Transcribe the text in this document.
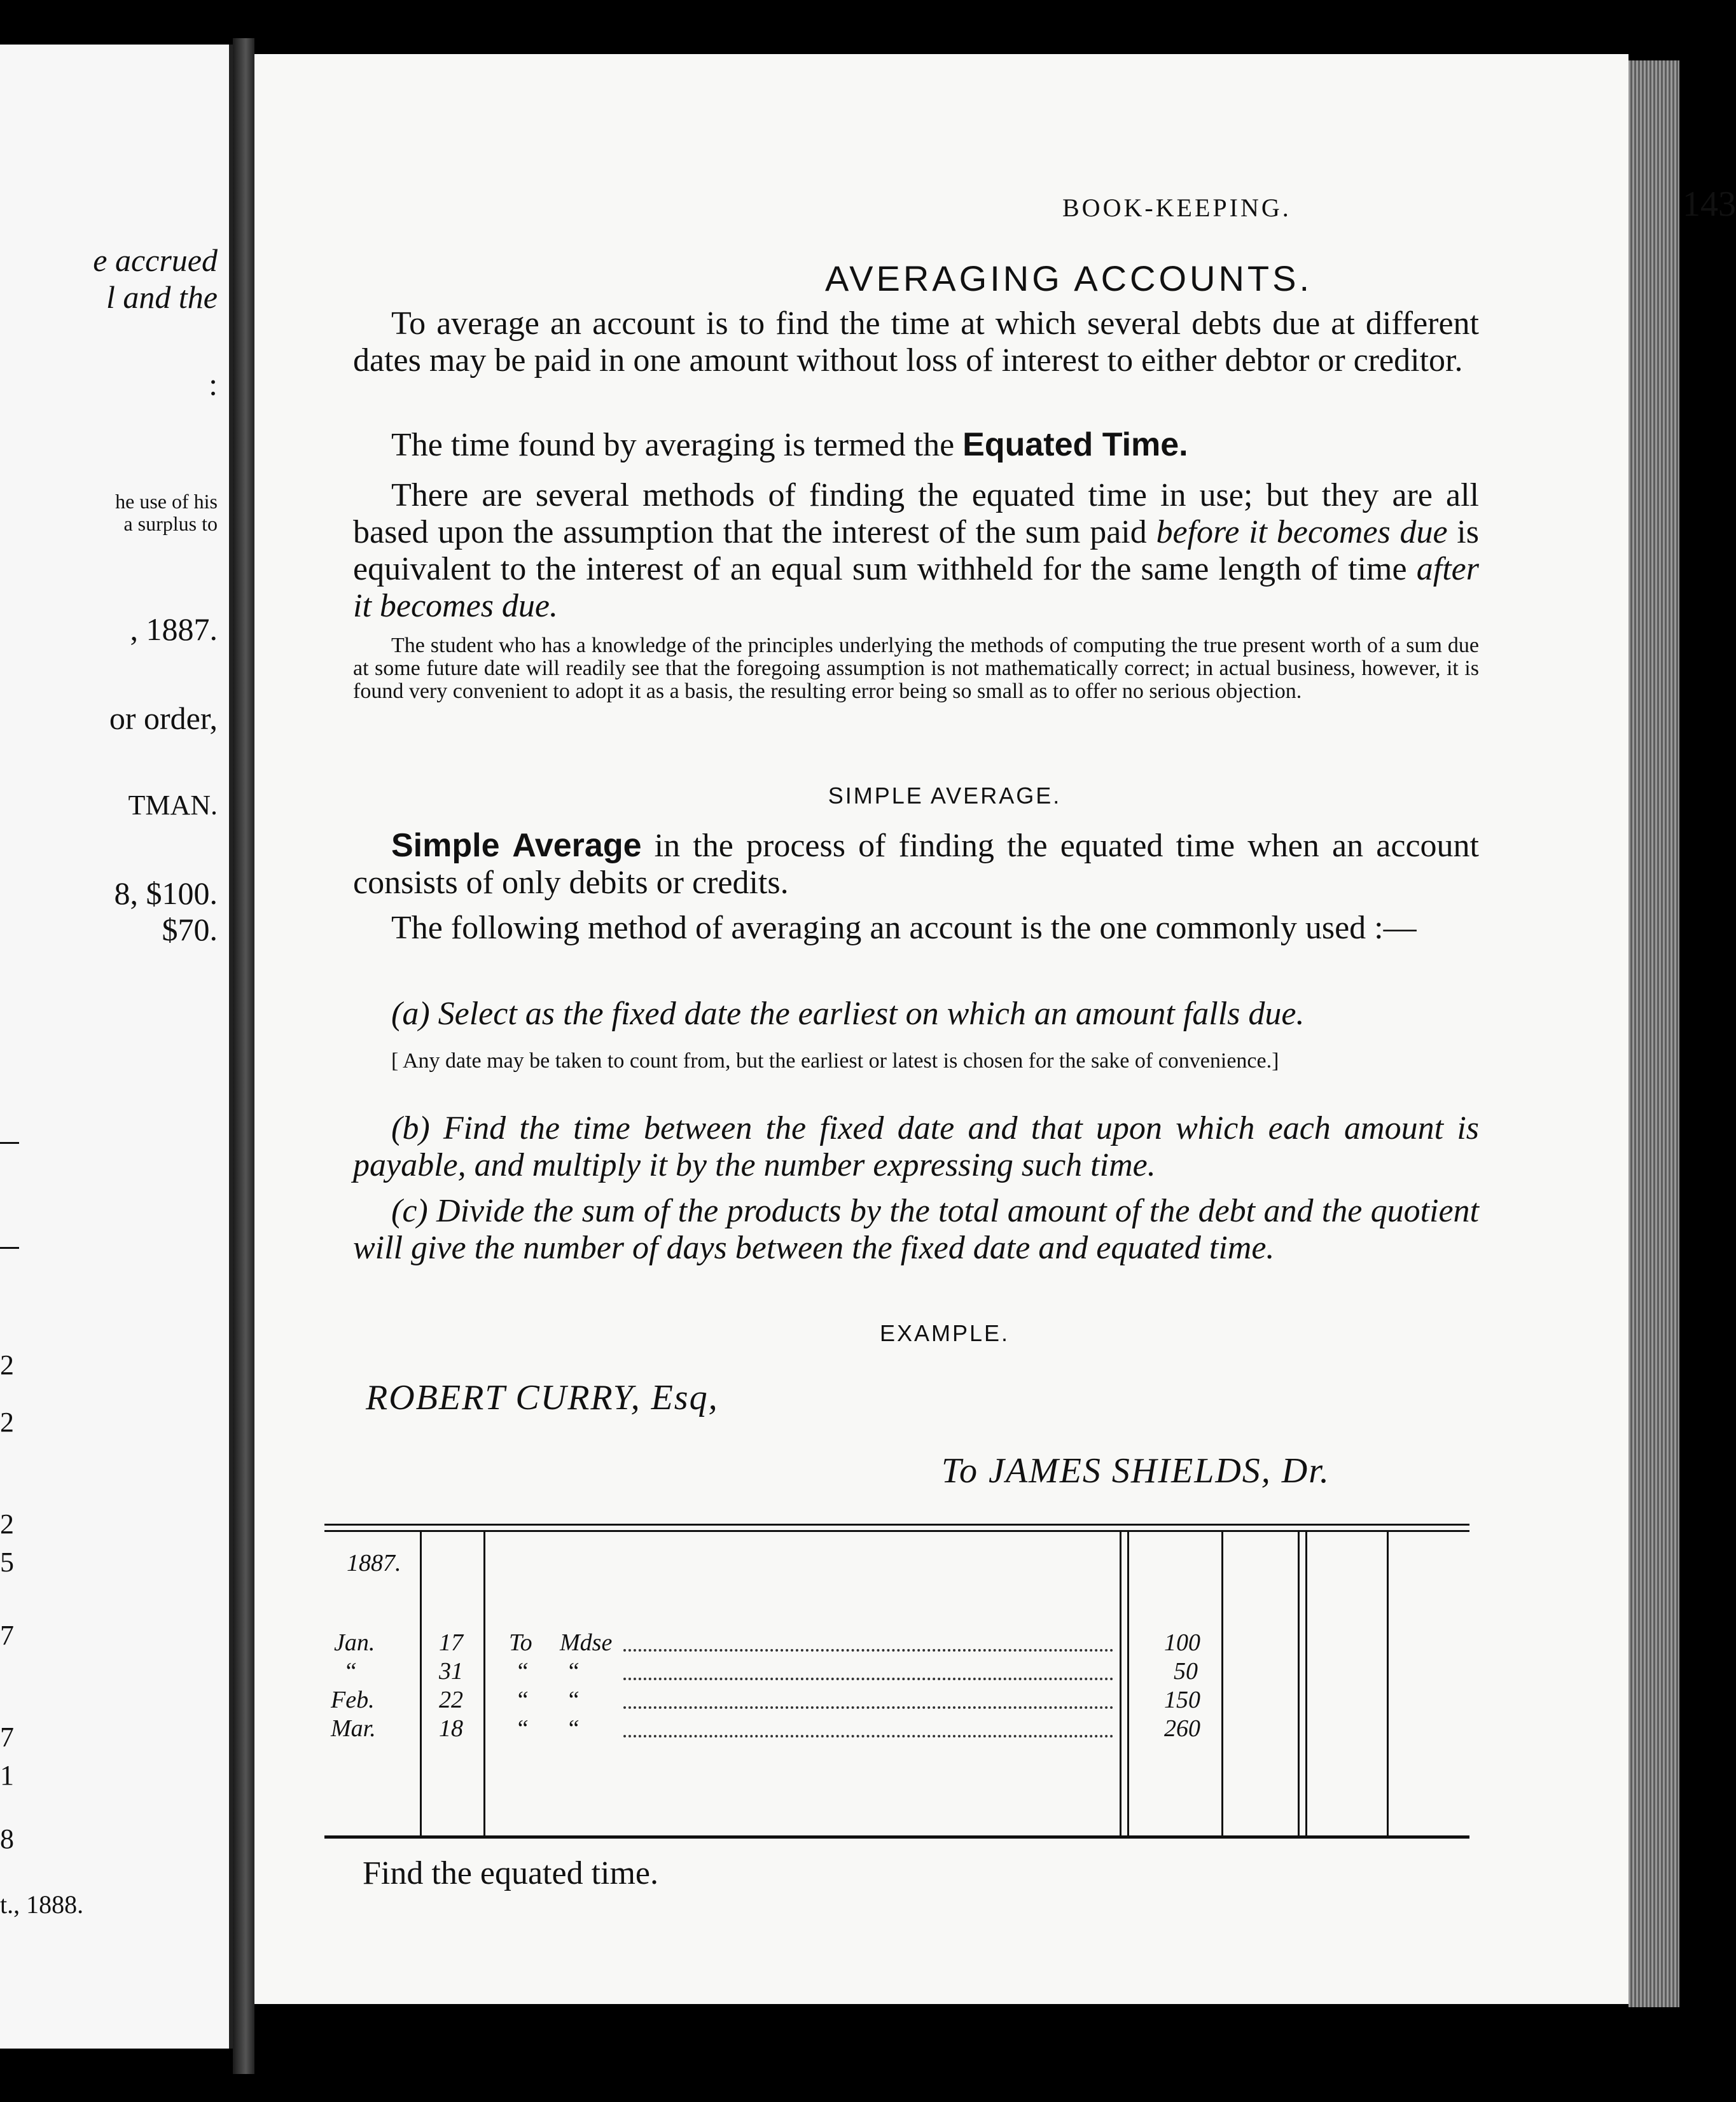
e accrued
l and the
:
he use of his
a surplus to
, 1887.
or order,
TMAN.
8, $100.
$70.
2
2
2
5
7
7
1
8
t., 1888.
BOOK-KEEPING.	143
AVERAGING ACCOUNTS.
To average an account is to find the time at which several debts due at different dates may be paid in one amount without loss of interest to either debtor or creditor.
The time found by averaging is termed the Equated Time.
There are several methods of finding the equated time in use; but they are all based upon the assumption that the interest of the sum paid before it becomes due is equivalent to the interest of an equal sum withheld for the same length of time after it becomes due.
The student who has a knowledge of the principles underlying the methods of computing the true present worth of a sum due at some future date will readily see that the foregoing assumption is not mathematically correct; in actual business, however, it is found very convenient to adopt it as a basis, the resulting error being so small as to offer no serious objection.
SIMPLE AVERAGE.
Simple Average in the process of finding the equated time when an account consists of only debits or credits.
The following method of averaging an account is the one commonly used :—
(a) Select as the fixed date the earliest on which an amount falls due.
[ Any date may be taken to count from, but the earliest or latest is chosen for the sake of convenience.]
(b) Find the time between the fixed date and that upon which each amount is payable, and multiply it by the number expressing such time.
(c) Divide the sum of the products by the total amount of the debt and the quotient will give the number of days between the fixed date and equated time.
EXAMPLE.
ROBERT CURRY, Esq,
To JAMES SHIELDS, Dr.
1887.
Jan.	17 To Mdse	100
“	31 “ “	50
Feb.	22 “ “	150
Mar.	18 “ “	260
Find the equated time.
